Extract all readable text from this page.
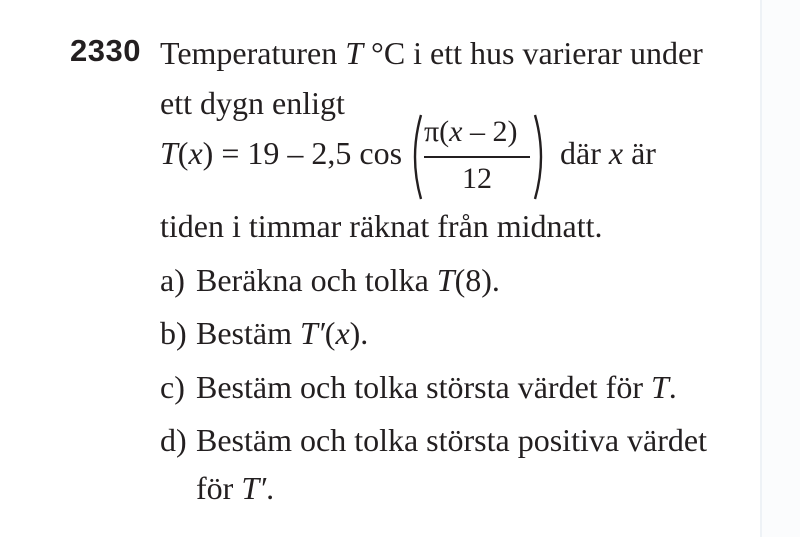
2330 Temperaturen T °C i ett hus varierar under
ett dygn enligt
T(x) = 19 – 2,5 cos
π(x – 2)
12
där x är
tiden i timmar räknat från midnatt.
a) Beräkna och tolka T(8).
b) Bestäm T′(x).
c) Bestäm och tolka största värdet för T.
d) Bestäm och tolka största positiva värdet
för T′.
